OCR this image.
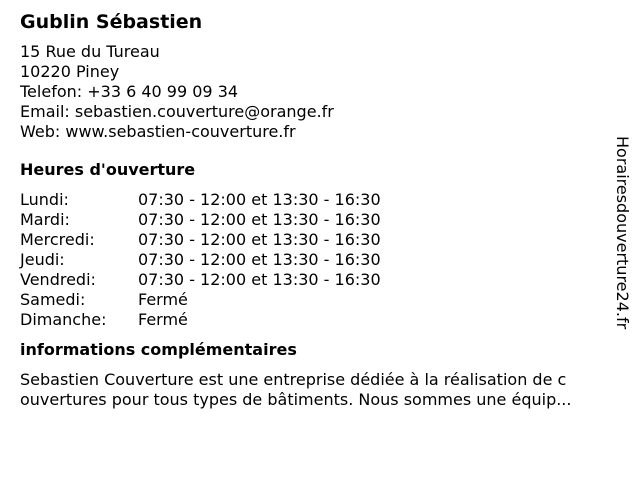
Gublin Sébastien
15 Rue du Tureau
10220 Piney
Telefon: +33 6 40 99 09 34
Email: sebastien.couverture@orange.fr
Web: www.sebastien-couverture.fr
Heures d'ouverture
Lundi:	07:30 - 12:00 et 13:30 - 16:30
Mardi:	07:30 - 12:00 et 13:30 - 16:30
Mercredi:	07:30 - 12:00 et 13:30 - 16:30
Jeudi:	07:30 - 12:00 et 13:30 - 16:30
Vendredi:	07:30 - 12:00 et 13:30 - 16:30
Samedi:	Fermé
Dimanche:	Fermé
informations complémentaires
Sebastien Couverture est une entreprise dédiée à la réalisation de c
ouvertures pour tous types de bâtiments. Nous sommes une équip...
Horairesdouverture24.fr
